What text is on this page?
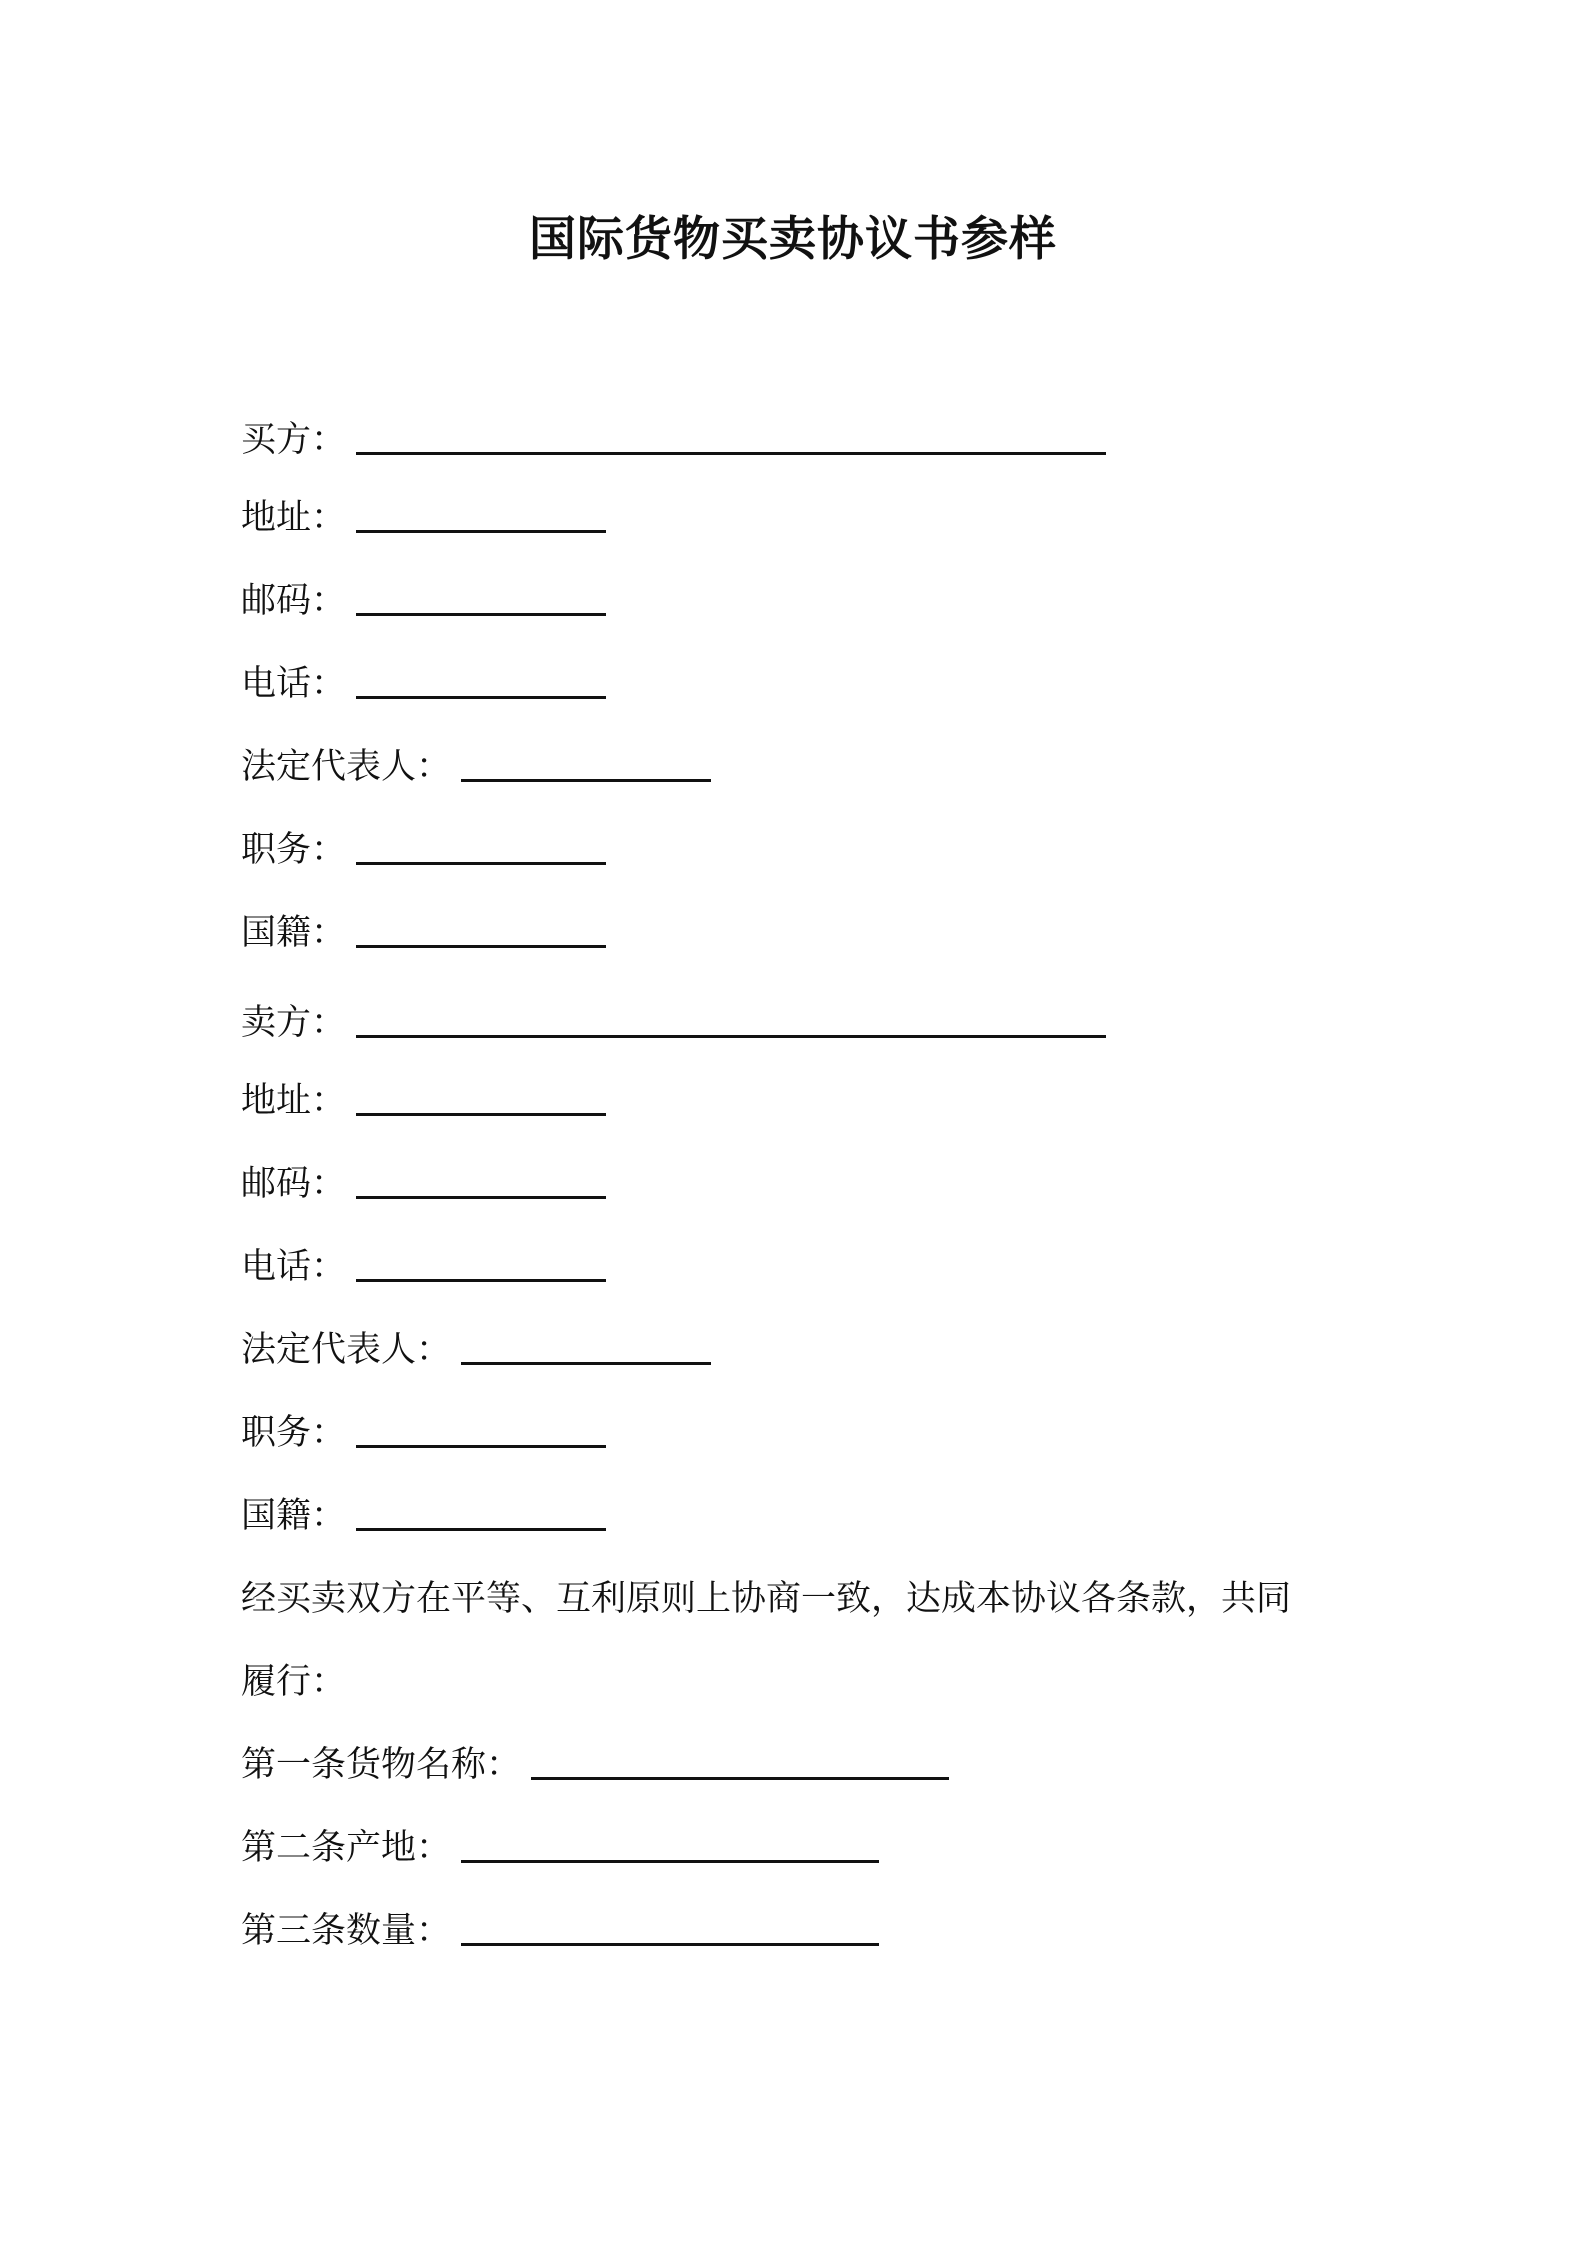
国际货物买卖协议书参样
买方：
地址：
邮码：
电话：
法定代表人：
职务：
国籍：
卖方：
地址：
邮码：
电话：
法定代表人：
职务：
国籍：
经买卖双方在平等、互利原则上协商一致，达成本协议各条款，共同
履行：
第一条货物名称：
第二条产地：
第三条数量：
